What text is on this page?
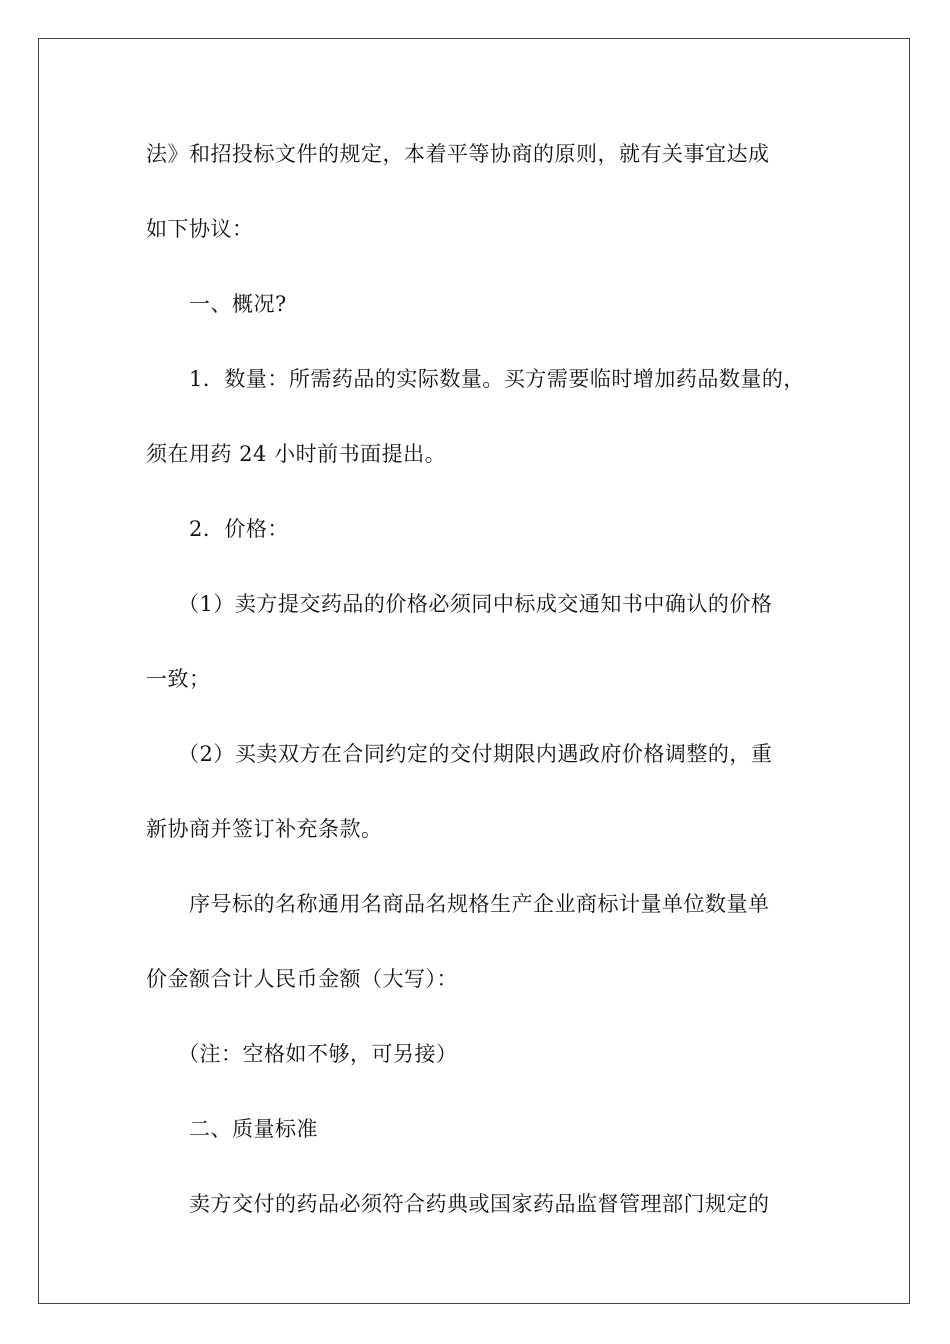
法》和招投标文件的规定，本着平等协商的原则，就有关事宜达成
如下协议：
一、概况?
1．数量：所需药品的实际数量。买方需要临时增加药品数量的，
须在用药 24 小时前书面提出。
2．价格：
（1）卖方提交药品的价格必须同中标成交通知书中确认的价格
一致；
（2）买卖双方在合同约定的交付期限内遇政府价格调整的，重
新协商并签订补充条款。
序号标的名称通用名商品名规格生产企业商标计量单位数量单
价金额合计人民币金额（大写）：
（注：空格如不够，可另接）
二、质量标准
卖方交付的药品必须符合药典或国家药品监督管理部门规定的
